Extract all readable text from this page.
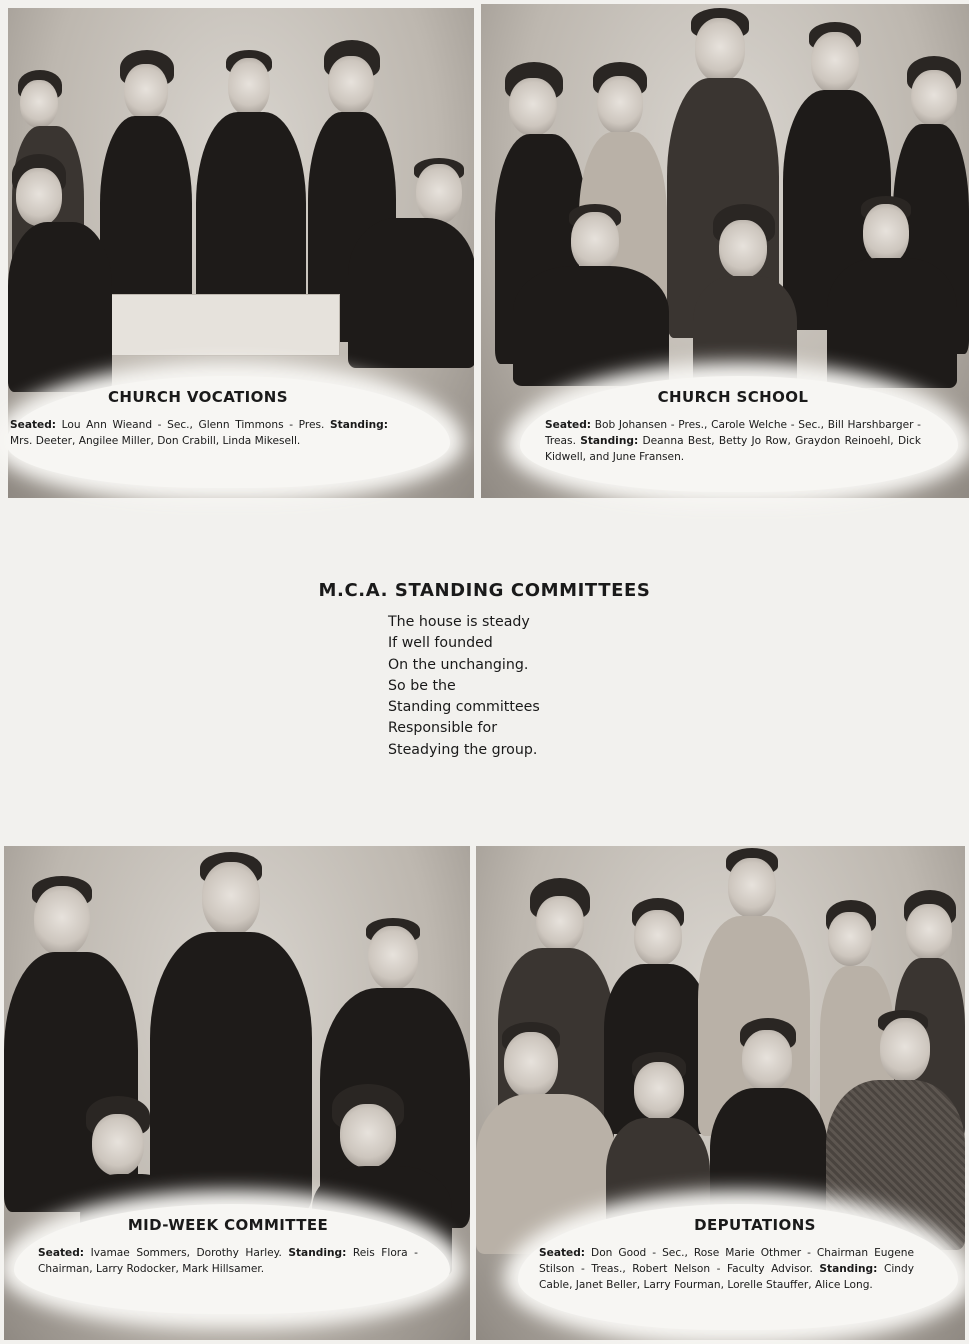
CHURCH VOCATIONS
Seated: Lou Ann Wieand - Sec., Glenn Timmons - Pres. Standing: Mrs. Deeter, Angilee Miller, Don Crabill, Linda Mikesell.
CHURCH SCHOOL
Seated: Bob Johansen - Pres., Carole Welche - Sec., Bill Harshbarger - Treas. Standing: Deanna Best, Betty Jo Row, Graydon Reinoehl, Dick Kidwell, and June Fransen.
M.C.A. STANDING COMMITTEES
The house is steady
If well founded
On the unchanging.
So be the
Standing committees
Responsible for
Steadying the group.
MID-WEEK COMMITTEE
Seated: Ivamae Sommers, Dorothy Harley. Standing: Reis Flora - Chairman, Larry Rodocker, Mark Hillsamer.
DEPUTATIONS
Seated: Don Good - Sec., Rose Marie Othmer - Chairman Eugene Stilson - Treas., Robert Nelson - Faculty Advisor. Standing: Cindy Cable, Janet Beller, Larry Fourman, Lorelle Stauffer, Alice Long.
